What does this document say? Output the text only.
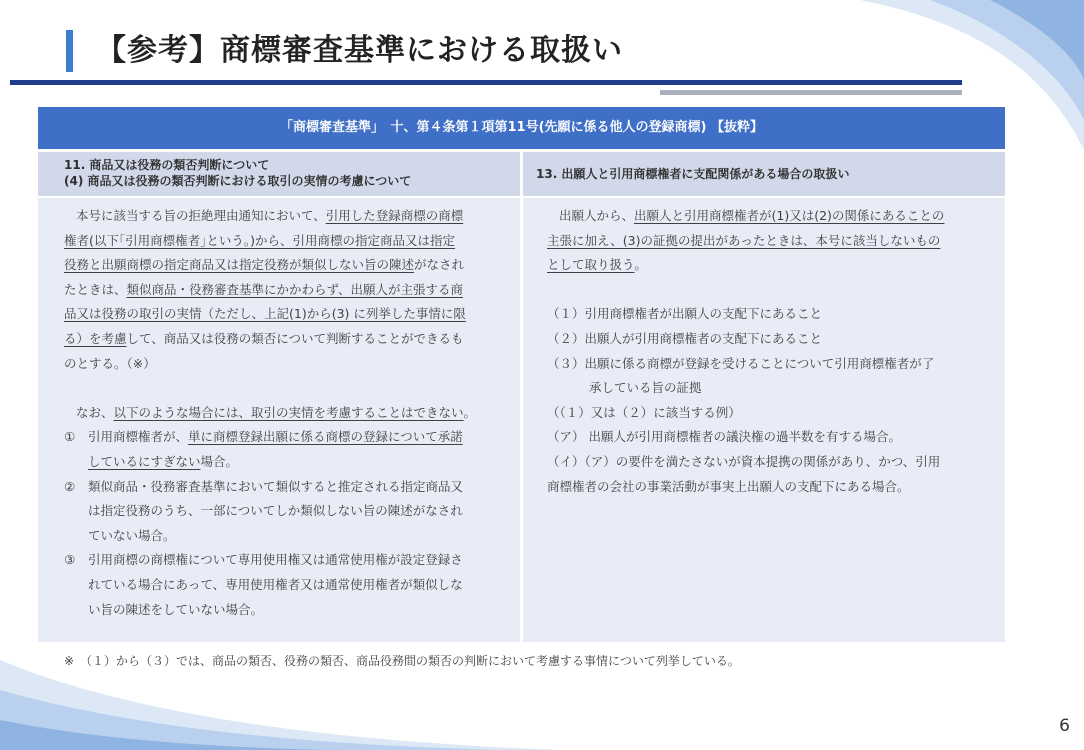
【参考】商標審査基準における取扱い
「商標審査基準」　十、第４条第１項第11号(先願に係る他人の登録商標) 【抜粋】
11. 商品又は役務の類否判断について
(4) 商品又は役務の類否判断における取引の実情の考慮について	13. 出願人と引用商標権者に支配関係がある場合の取扱い
本号に該当する旨の拒絶理由通知において、引用した登録商標の商標
権者(以下｢引用商標権者｣という。)から、引用商標の指定商品又は指定
役務と出願商標の指定商品又は指定役務が類似しない旨の陳述がなされ
たときは、類似商品・役務審査基準にかかわらず、出願人が主張する商
品又は役務の取引の実情（ただし、上記(1)から(3) に列挙した事情に限
る）を考慮して、商品又は役務の類否について判断することができるも
のとする。（※）
なお、以下のような場合には、取引の実情を考慮することはできない。
① 引用商標権者が、単に商標登録出願に係る商標の登録について承諾
しているにすぎない場合。
② 類似商品・役務審査基準において類似すると推定される指定商品又
は指定役務のうち、一部についてしか類似しない旨の陳述がなされ
ていない場合。
③ 引用商標の商標権について専用使用権又は通常使用権が設定登録さ
れている場合にあって、専用使用権者又は通常使用権者が類似しな
い旨の陳述をしていない場合。
出願人から、出願人と引用商標権者が(1)又は(2)の関係にあることの
主張に加え、(3)の証拠の提出があったときは、本号に該当しないもの
として取り扱う。
（１）引用商標権者が出願人の支配下にあること
（２）出願人が引用商標権者の支配下にあること
（３）出願に係る商標が登録を受けることについて引用商標権者が了
承している旨の証拠
（（１）又は（２）に該当する例）
（ア） 出願人が引用商標権者の議決権の過半数を有する場合。
（イ）（ア）の要件を満たさないが資本提携の関係があり、かつ、引用
商標権者の会社の事業活動が事実上出願人の支配下にある場合。
※　（１）から（３）では、商品の類否、役務の類否、商品役務間の類否の判断において考慮する事情について列挙している。
6
